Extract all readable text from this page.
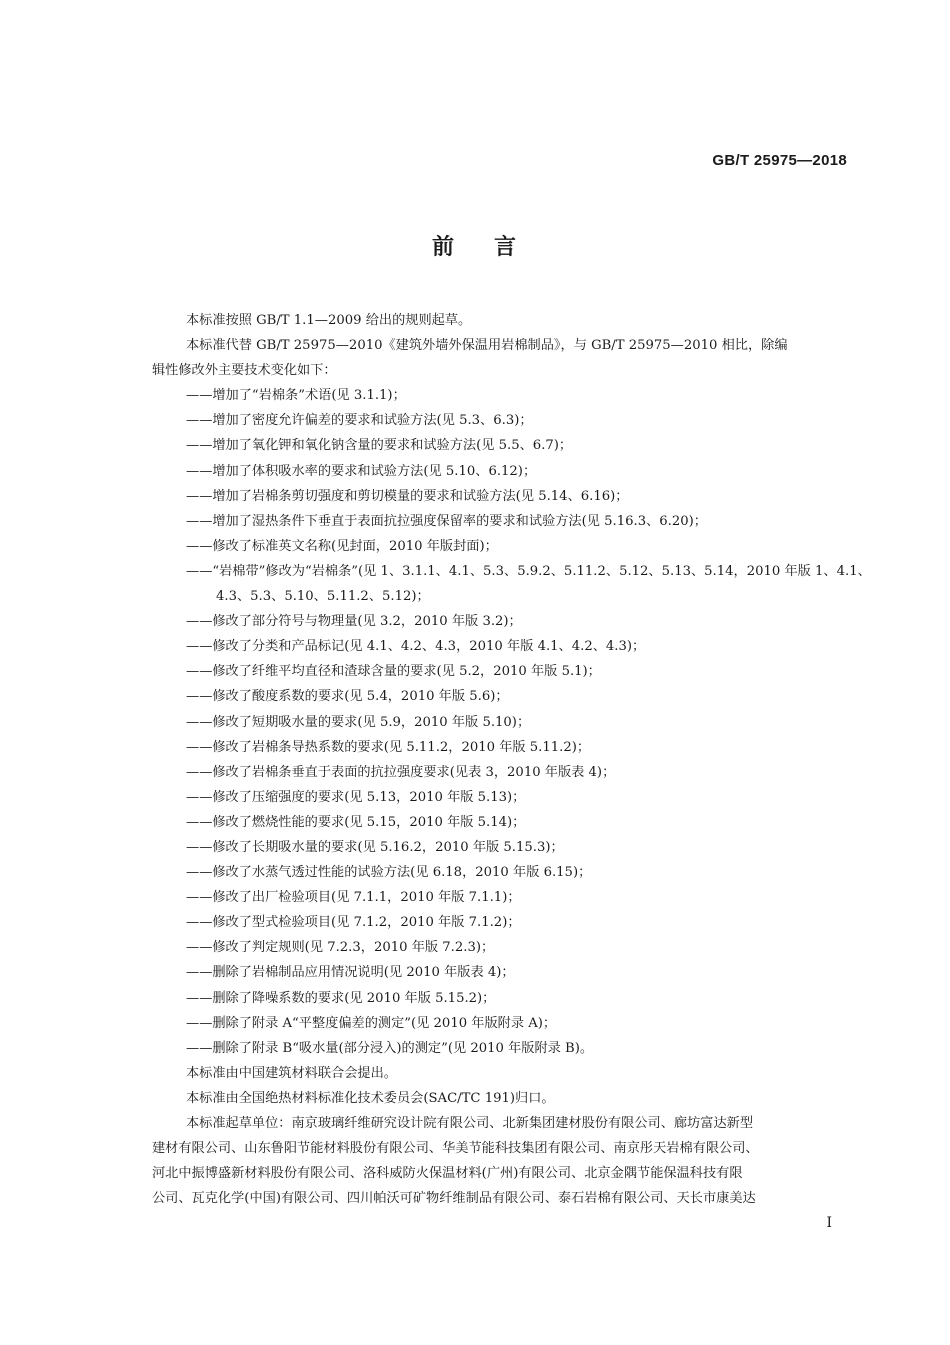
GB/T 25975—2018
前 言

本标准按照 GB/T 1.1—2009 给出的规则起草。

本标准代替 GB/T 25975—2010《建筑外墙外保温用岩棉制品》，与 GB/T 25975—2010 相比，除编

辑性修改外主要技术变化如下：

——增加了“岩棉条”术语(见 3.1.1)；

——增加了密度允许偏差的要求和试验方法(见 5.3、6.3)；

——增加了氧化钾和氧化钠含量的要求和试验方法(见 5.5、6.7)；

——增加了体积吸水率的要求和试验方法(见 5.10、6.12)；

——增加了岩棉条剪切强度和剪切模量的要求和试验方法(见 5.14、6.16)；

——增加了湿热条件下垂直于表面抗拉强度保留率的要求和试验方法(见 5.16.3、6.20)；

——修改了标准英文名称(见封面，2010 年版封面)；

——“岩棉带”修改为“岩棉条”(见 1、3.1.1、4.1、5.3、5.9.2、5.11.2、5.12、5.13、5.14，2010 年版 1、4.1、

4.3、5.3、5.10、5.11.2、5.12)；

——修改了部分符号与物理量(见 3.2，2010 年版 3.2)；

——修改了分类和产品标记(见 4.1、4.2、4.3，2010 年版 4.1、4.2、4.3)；

——修改了纤维平均直径和渣球含量的要求(见 5.2，2010 年版 5.1)；

——修改了酸度系数的要求(见 5.4，2010 年版 5.6)；

——修改了短期吸水量的要求(见 5.9，2010 年版 5.10)；

——修改了岩棉条导热系数的要求(见 5.11.2，2010 年版 5.11.2)；

——修改了岩棉条垂直于表面的抗拉强度要求(见表 3，2010 年版表 4)；

——修改了压缩强度的要求(见 5.13，2010 年版 5.13)；

——修改了燃烧性能的要求(见 5.15，2010 年版 5.14)；

——修改了长期吸水量的要求(见 5.16.2，2010 年版 5.15.3)；

——修改了水蒸气透过性能的试验方法(见 6.18，2010 年版 6.15)；

——修改了出厂检验项目(见 7.1.1，2010 年版 7.1.1)；

——修改了型式检验项目(见 7.1.2，2010 年版 7.1.2)；

——修改了判定规则(见 7.2.3，2010 年版 7.2.3)；

——删除了岩棉制品应用情况说明(见 2010 年版表 4)；

——删除了降噪系数的要求(见 2010 年版 5.15.2)；

——删除了附录 A“平整度偏差的测定”(见 2010 年版附录 A)；

——删除了附录 B“吸水量(部分浸入)的测定”(见 2010 年版附录 B)。

本标准由中国建筑材料联合会提出。

本标准由全国绝热材料标准化技术委员会(SAC/TC 191)归口。

本标准起草单位：南京玻璃纤维研究设计院有限公司、北新集团建材股份有限公司、廊坊富达新型

建材有限公司、山东鲁阳节能材料股份有限公司、华美节能科技集团有限公司、南京彤天岩棉有限公司、

河北中振博盛新材料股份有限公司、洛科威防火保温材料(广州)有限公司、北京金隅节能保温科技有限

公司、瓦克化学(中国)有限公司、四川帕沃可矿物纤维制品有限公司、泰石岩棉有限公司、天长市康美达

I
